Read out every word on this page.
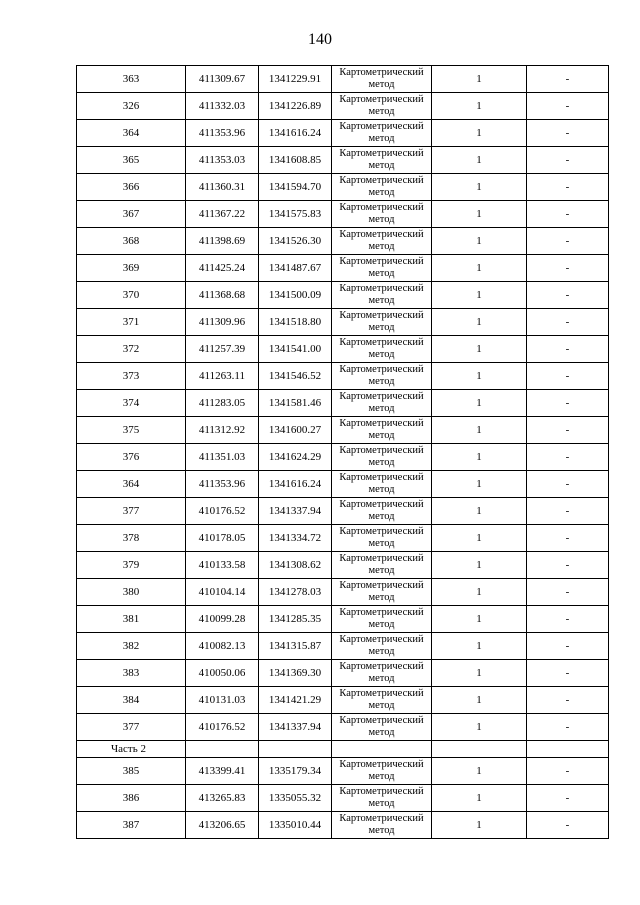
140
363	411309.67	1341229.91	Картометрический метод	1	-
326	411332.03	1341226.89	Картометрический метод	1	-
364	411353.96	1341616.24	Картометрический метод	1	-
365	411353.03	1341608.85	Картометрический метод	1	-
366	411360.31	1341594.70	Картометрический метод	1	-
367	411367.22	1341575.83	Картометрический метод	1	-
368	411398.69	1341526.30	Картометрический метод	1	-
369	411425.24	1341487.67	Картометрический метод	1	-
370	411368.68	1341500.09	Картометрический метод	1	-
371	411309.96	1341518.80	Картометрический метод	1	-
372	411257.39	1341541.00	Картометрический метод	1	-
373	411263.11	1341546.52	Картометрический метод	1	-
374	411283.05	1341581.46	Картометрический метод	1	-
375	411312.92	1341600.27	Картометрический метод	1	-
376	411351.03	1341624.29	Картометрический метод	1	-
364	411353.96	1341616.24	Картометрический метод	1	-
377	410176.52	1341337.94	Картометрический метод	1	-
378	410178.05	1341334.72	Картометрический метод	1	-
379	410133.58	1341308.62	Картометрический метод	1	-
380	410104.14	1341278.03	Картометрический метод	1	-
381	410099.28	1341285.35	Картометрический метод	1	-
382	410082.13	1341315.87	Картометрический метод	1	-
383	410050.06	1341369.30	Картометрический метод	1	-
384	410131.03	1341421.29	Картометрический метод	1	-
377	410176.52	1341337.94	Картометрический метод	1	-
Часть 2					
385	413399.41	1335179.34	Картометрический метод	1	-
386	413265.83	1335055.32	Картометрический метод	1	-
387	413206.65	1335010.44	Картометрический метод	1	-
